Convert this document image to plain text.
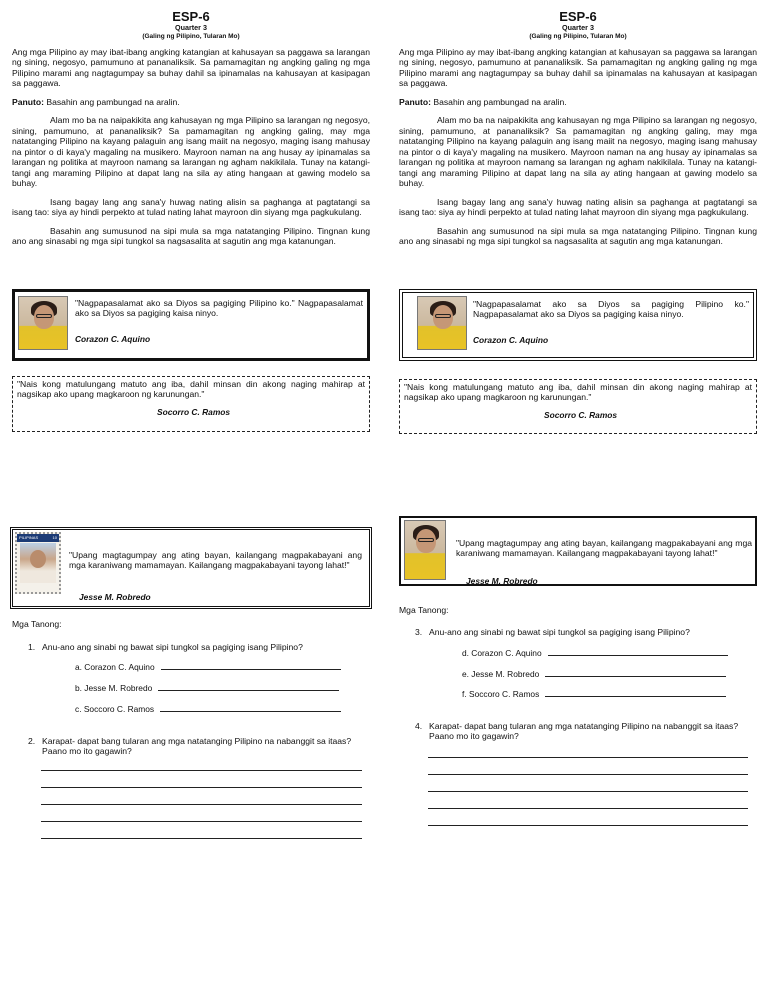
ESP-6
Quarter 3
(Galing ng Pilipino, Tularan Mo)

Ang mga Pilipino ay may ibat-ibang angking katangian at kahusayan sa paggawa sa larangan ng sining, negosyo, pamumuno at pananaliksik. Sa pamamagitan ng angking galing ng mga Pilipino marami ang nagtagumpay sa buhay dahil sa ipinamalas na kahusayan at kasipagan sa paggawa.

Panuto: Basahin ang pambungad na aralin.

Alam mo ba na naipakikita ang kahusayan ng mga Pilipino sa larangan ng negosyo, sining, pamumuno, at pananaliksik? Sa pamamagitan ng angking galing, may mga natatanging Pilipino na kayang palaguin ang isang maiit na negosyo, maging isang mahusay na pintor o di kaya'y magaling na musikero. Mayroon naman na ang husay ay ipinamalas sa larangan ng politika at mayroon namang sa larangan ng agham nakikilala. Tunay na katangi-tangi ang maraming Pilipino at dapat lang na sila ay ating hangaan at gawing modelo sa buhay.

Isang bagay lang ang sana'y huwag nating alisin sa paghanga at pagtatangi sa isang tao: siya ay hindi perpekto at tulad nating lahat mayroon din siyang mga pagkukulang.

Basahin ang sumusunod na sipi mula sa mga natatanging Pilipino. Tingnan kung ano ang sinasabi ng mga sipi tungkol sa nagsasalita at sagutin ang mga katanungan.

"Nagpapasalamat ako sa Diyos sa pagiging Pilipino ko." Nagpapasalamat ako sa Diyos sa pagiging kaisa ninyo.
Corazon C. Aquino
"Nais kong matulungang matuto ang iba, dahil minsan din akong naging mahirap at nagsikap ako upang magkaroon ng karunungan."
Socorro C. Ramos
PILIPINAS	10
"Upang magtagumpay ang ating bayan, kailangang magpakabayani ang mga karaniwang mamamayan. Kailangang magpakabayani tayong lahat!"
Jesse M. Robredo
Mga Tanong:
1. Anu-ano ang sinabi ng bawat sipi tungkol sa pagiging isang Pilipino?
a. Corazon C. Aquino
b. Jesse M. Robredo
c. Soccoro C. Ramos
2. Karapat- dapat bang tularan ang mga natatanging Pilipino na nabanggit sa itaas? Paano mo ito gagawin?
ESP-6
Quarter 3
(Galing ng Pilipino, Tularan Mo)

Ang mga Pilipino ay may ibat-ibang angking katangian at kahusayan sa paggawa sa larangan ng sining, negosyo, pamumuno at pananaliksik. Sa pamamagitan ng angking galing ng mga Pilipino marami ang nagtagumpay sa buhay dahil sa ipinamalas na kahusayan at kasipagan sa paggawa.

Panuto: Basahin ang pambungad na aralin.

Alam mo ba na naipakikita ang kahusayan ng mga Pilipino sa larangan ng negosyo, sining, pamumuno, at pananaliksik? Sa pamamagitan ng angking galing, may mga natatanging Pilipino na kayang palaguin ang isang maiit na negosyo, maging isang mahusay na pintor o di kaya'y magaling na musikero. Mayroon naman na ang husay ay ipinamalas sa larangan ng politika at mayroon namang sa larangan ng agham nakikilala. Tunay na katangi-tangi ang maraming Pilipino at dapat lang na sila ay ating hangaan at gawing modelo sa buhay.

Isang bagay lang ang sana'y huwag nating alisin sa paghanga at pagtatangi sa isang tao: siya ay hindi perpekto at tulad nating lahat mayroon din siyang mga pagkukulang.

Basahin ang sumusunod na sipi mula sa mga natatanging Pilipino. Tingnan kung ano ang sinasabi ng mga sipi tungkol sa nagsasalita at sagutin ang mga katanungan.

"Nagpapasalamat ako sa Diyos sa pagiging Pilipino ko." Nagpapasalamat ako sa Diyos sa pagiging kaisa ninyo.
Corazon C. Aquino
"Nais kong matulungang matuto ang iba, dahil minsan din akong naging mahirap at nagsikap ako upang magkaroon ng karunungan."
Socorro C. Ramos
"Upang magtagumpay ang ating bayan, kailangang magpakabayani ang mga karaniwang mamamayan. Kailangang magpakabayani tayong lahat!"
Jesse M. Robredo
Mga Tanong:
3. Anu-ano ang sinabi ng bawat sipi tungkol sa pagiging isang Pilipino?
d. Corazon C. Aquino
e. Jesse M. Robredo
f. Soccoro C. Ramos
4. Karapat- dapat bang tularan ang mga natatanging Pilipino na nabanggit sa itaas? Paano mo ito gagawin?
